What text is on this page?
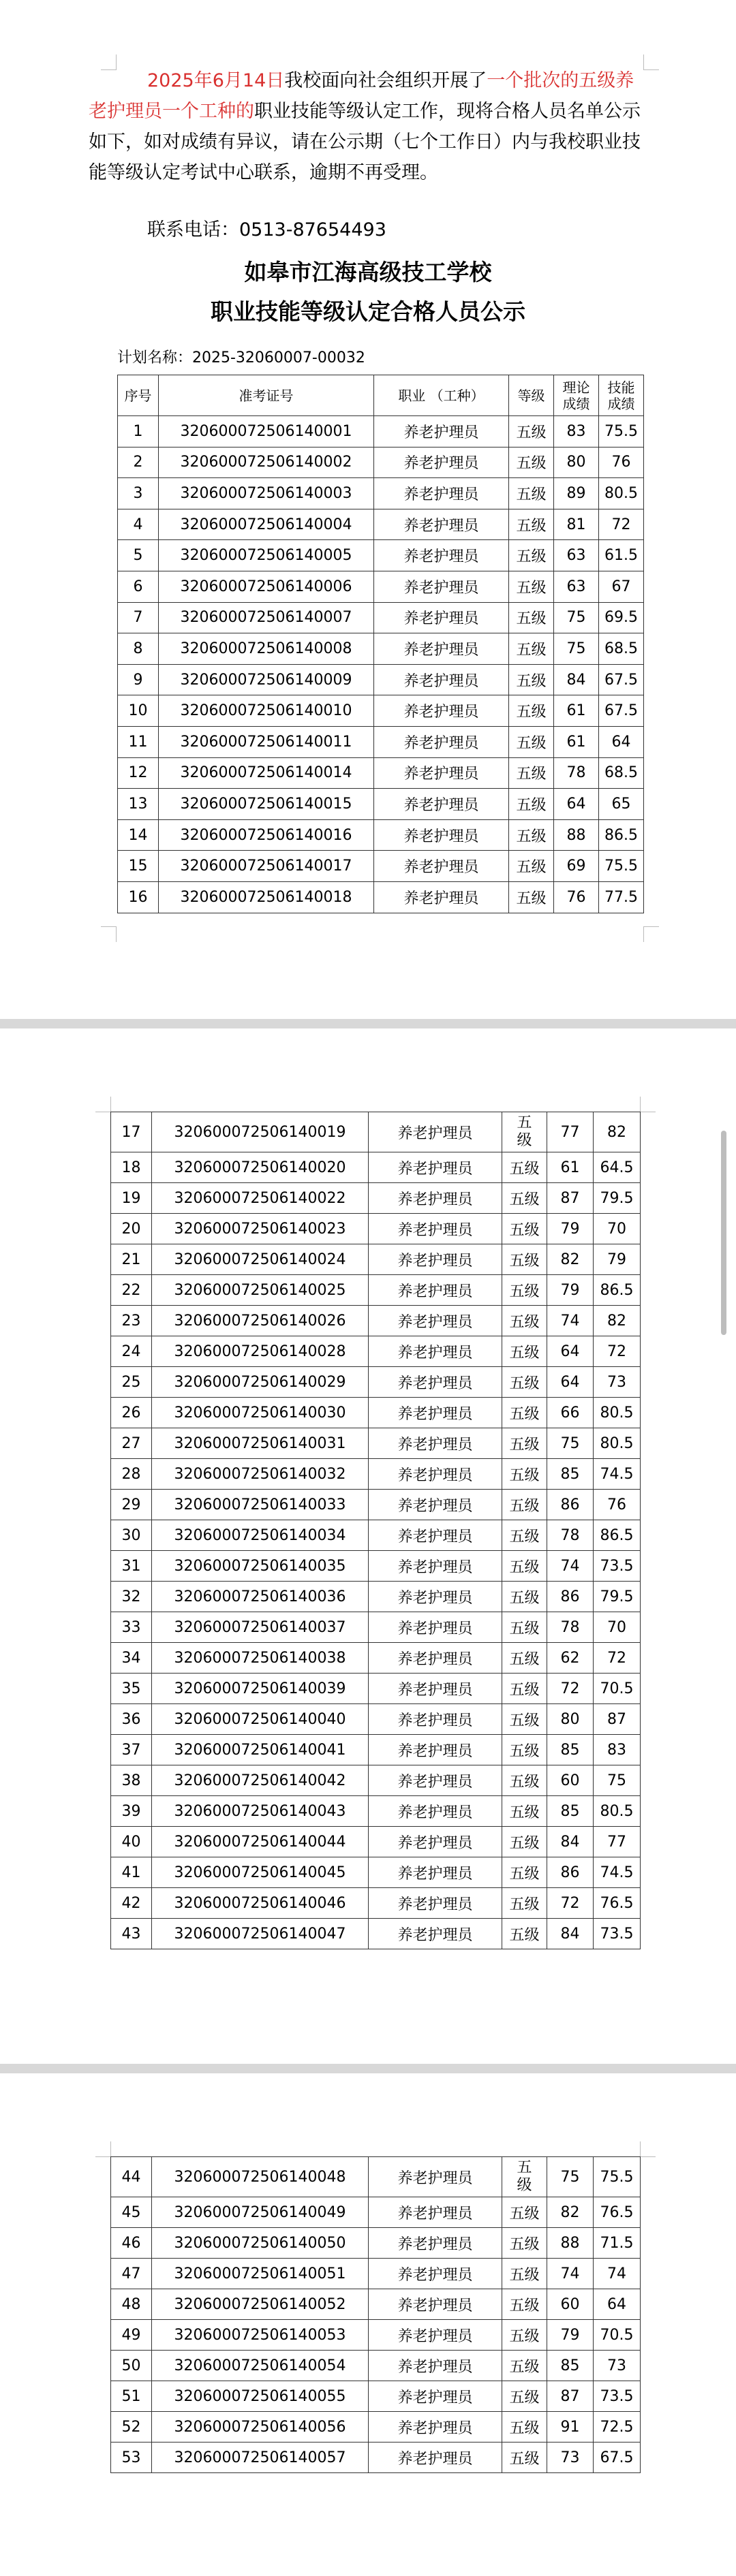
2025年6月14日我校面向社会组织开展了一个批次的五级养老护理员一个工种的职业技能等级认定工作，现将合格人员名单公示如下，如对成绩有异议，请在公示期（七个工作日）内与我校职业技能等级认定考试中心联系，逾期不再受理。

联系电话：0513-87654493

如皋市江海高级技工学校

职业技能等级认定合格人员公示

计划名称：2025-32060007-00032

序号	准考证号	职业 （工种）	等级	理论
成绩	技能
成绩
1	320600072506140001	养老护理员	五级	83	75.5
2	320600072506140002	养老护理员	五级	80	76
3	320600072506140003	养老护理员	五级	89	80.5
4	320600072506140004	养老护理员	五级	81	72
5	320600072506140005	养老护理员	五级	63	61.5
6	320600072506140006	养老护理员	五级	63	67
7	320600072506140007	养老护理员	五级	75	69.5
8	320600072506140008	养老护理员	五级	75	68.5
9	320600072506140009	养老护理员	五级	84	67.5
10	320600072506140010	养老护理员	五级	61	67.5
11	320600072506140011	养老护理员	五级	61	64
12	320600072506140014	养老护理员	五级	78	68.5
13	320600072506140015	养老护理员	五级	64	65
14	320600072506140016	养老护理员	五级	88	86.5
15	320600072506140017	养老护理员	五级	69	75.5
16	320600072506140018	养老护理员	五级	76	77.5
17	320600072506140019	养老护理员	五级	77	82
18	320600072506140020	养老护理员	五级	61	64.5
19	320600072506140022	养老护理员	五级	87	79.5
20	320600072506140023	养老护理员	五级	79	70
21	320600072506140024	养老护理员	五级	82	79
22	320600072506140025	养老护理员	五级	79	86.5
23	320600072506140026	养老护理员	五级	74	82
24	320600072506140028	养老护理员	五级	64	72
25	320600072506140029	养老护理员	五级	64	73
26	320600072506140030	养老护理员	五级	66	80.5
27	320600072506140031	养老护理员	五级	75	80.5
28	320600072506140032	养老护理员	五级	85	74.5
29	320600072506140033	养老护理员	五级	86	76
30	320600072506140034	养老护理员	五级	78	86.5
31	320600072506140035	养老护理员	五级	74	73.5
32	320600072506140036	养老护理员	五级	86	79.5
33	320600072506140037	养老护理员	五级	78	70
34	320600072506140038	养老护理员	五级	62	72
35	320600072506140039	养老护理员	五级	72	70.5
36	320600072506140040	养老护理员	五级	80	87
37	320600072506140041	养老护理员	五级	85	83
38	320600072506140042	养老护理员	五级	60	75
39	320600072506140043	养老护理员	五级	85	80.5
40	320600072506140044	养老护理员	五级	84	77
41	320600072506140045	养老护理员	五级	86	74.5
42	320600072506140046	养老护理员	五级	72	76.5
43	320600072506140047	养老护理员	五级	84	73.5
44	320600072506140048	养老护理员	五级	75	75.5
45	320600072506140049	养老护理员	五级	82	76.5
46	320600072506140050	养老护理员	五级	88	71.5
47	320600072506140051	养老护理员	五级	74	74
48	320600072506140052	养老护理员	五级	60	64
49	320600072506140053	养老护理员	五级	79	70.5
50	320600072506140054	养老护理员	五级	85	73
51	320600072506140055	养老护理员	五级	87	73.5
52	320600072506140056	养老护理员	五级	91	72.5
53	320600072506140057	养老护理员	五级	73	67.5
